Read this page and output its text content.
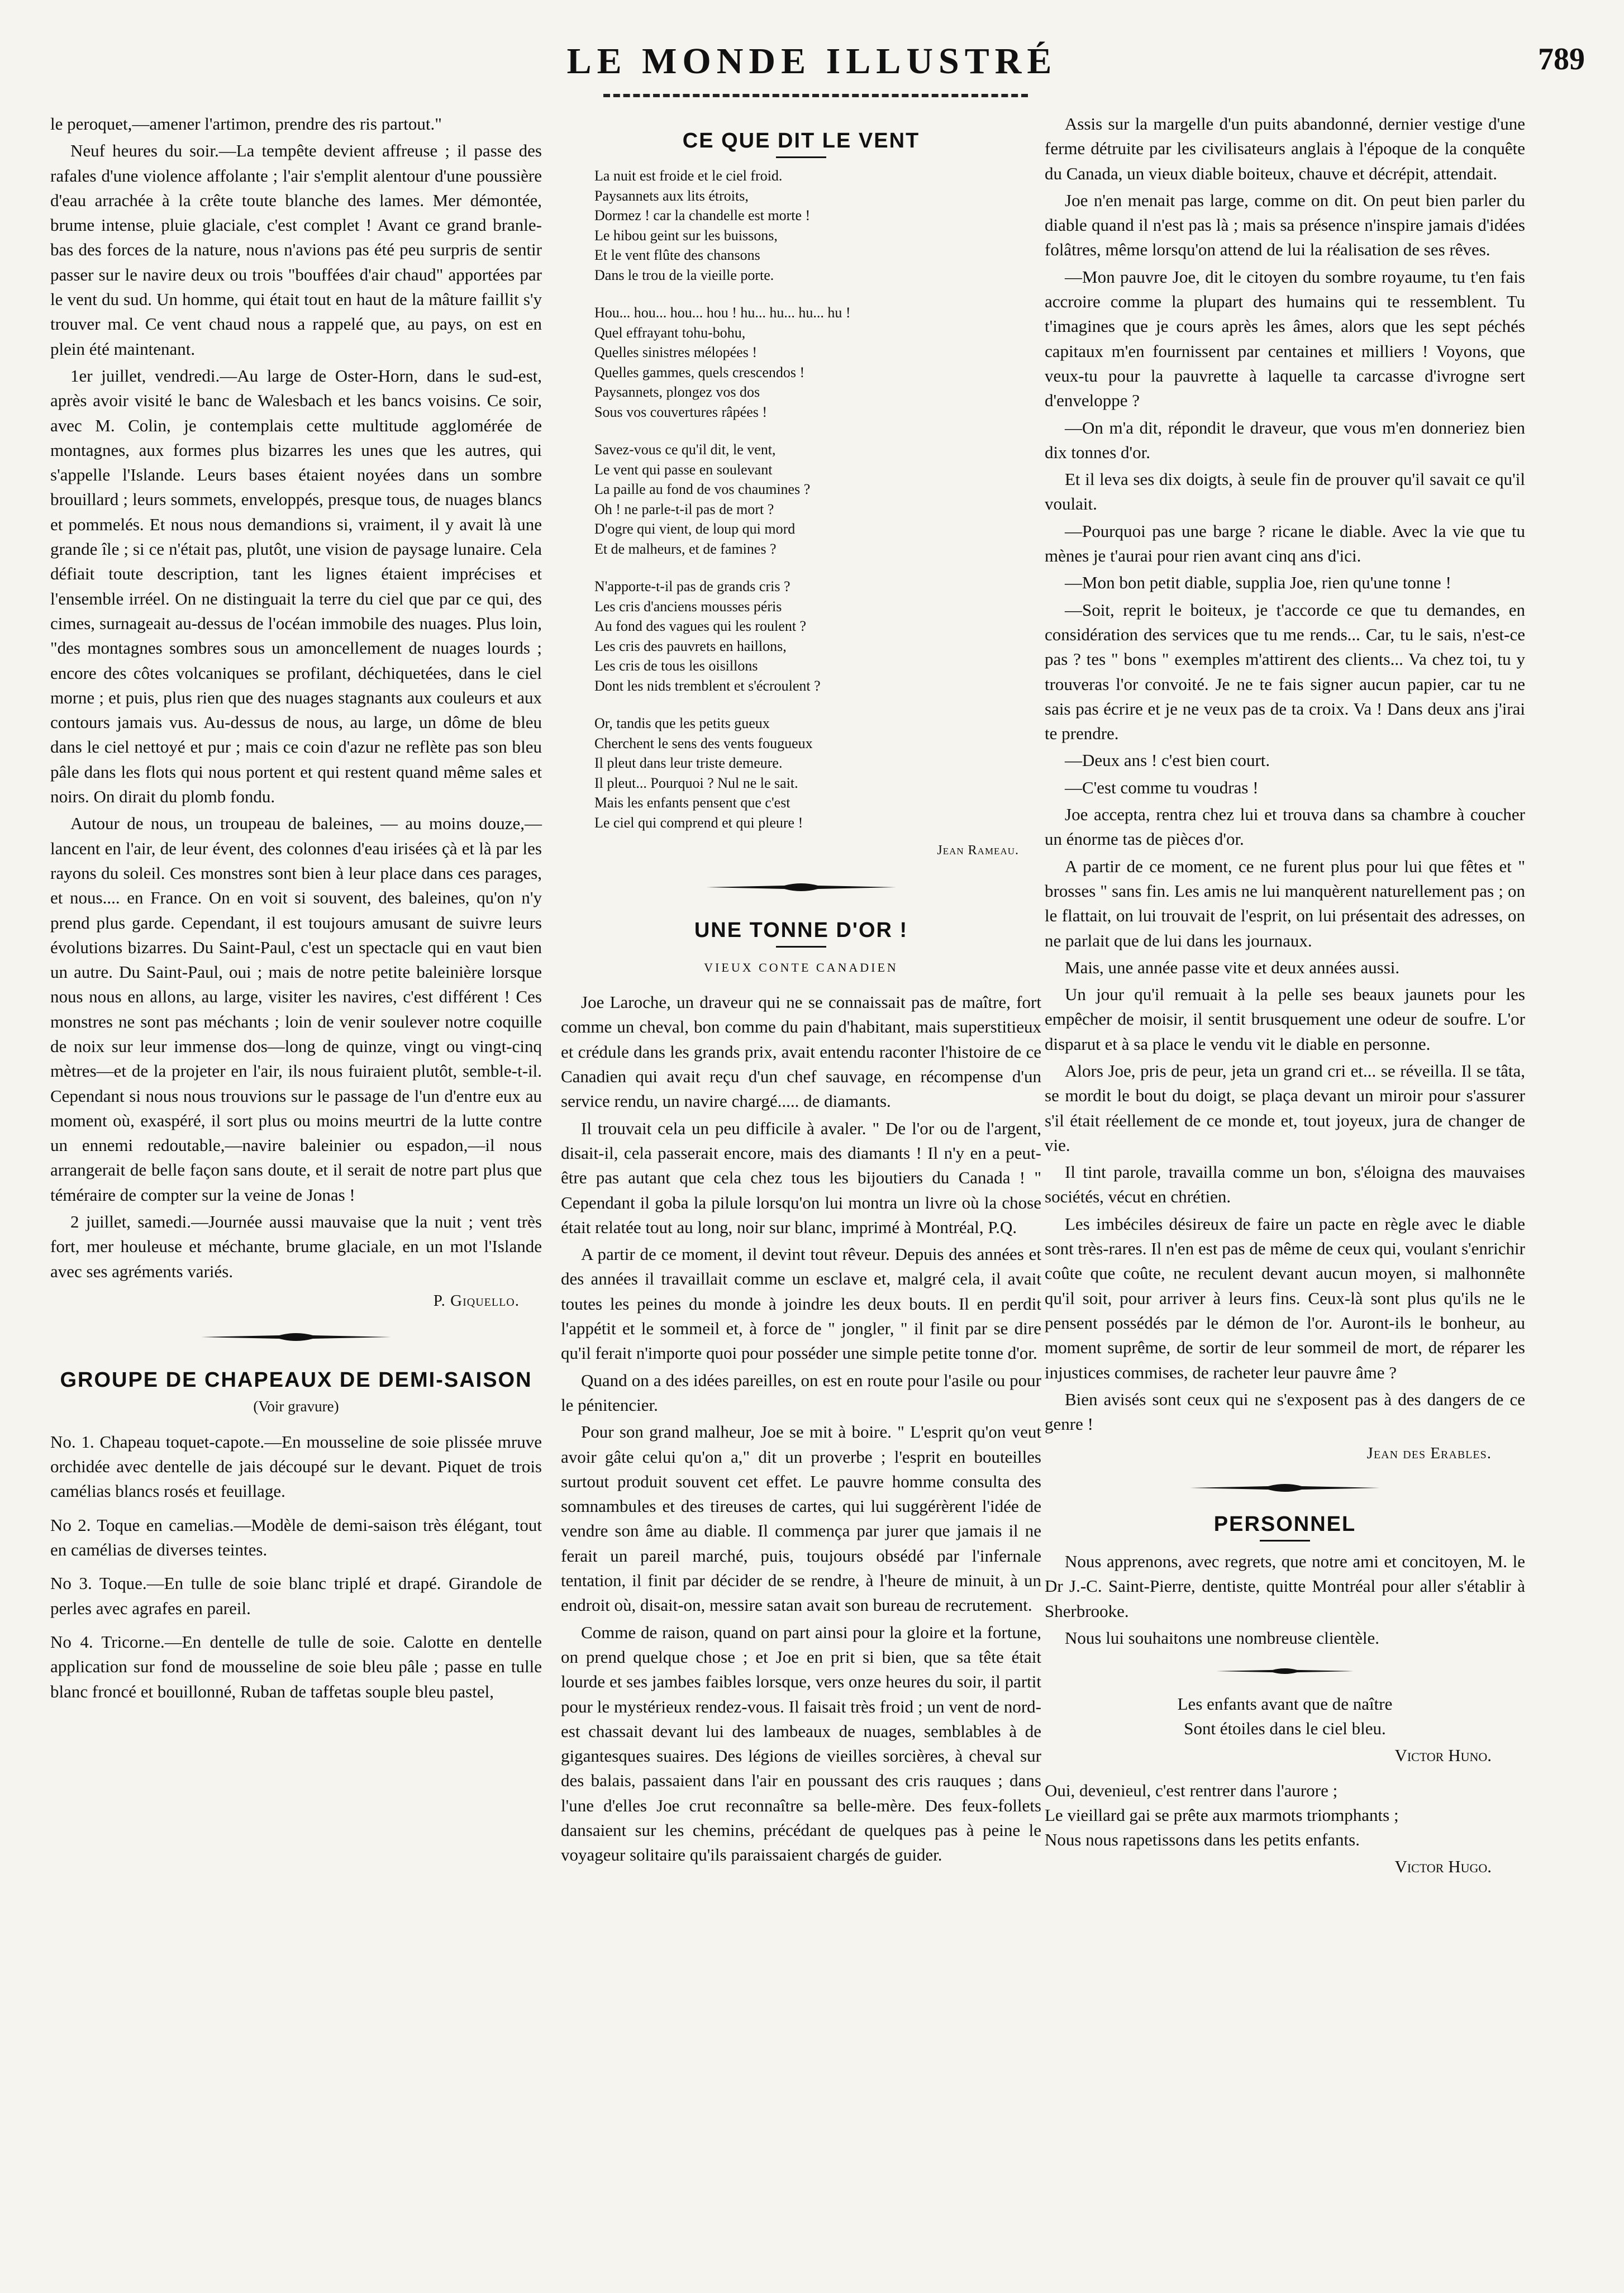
LE MONDE ILLUSTRÉ	789

le peroquet,—amener l'artimon, prendre des ris partout."

Neuf heures du soir.—La tempête devient affreuse ; il passe des rafales d'une violence affolante ; l'air s'emplit alentour d'une poussière d'eau arrachée à la crête toute blanche des lames. Mer démontée, brume intense, pluie glaciale, c'est complet ! Avant ce grand branle-bas des forces de la nature, nous n'avions pas été peu surpris de sentir passer sur le navire deux ou trois "bouffées d'air chaud" apportées par le vent du sud. Un homme, qui était tout en haut de la mâture faillit s'y trouver mal. Ce vent chaud nous a rappelé que, au pays, on est en plein été maintenant.

1er juillet, vendredi.—Au large de Oster-Horn, dans le sud-est, après avoir visité le banc de Walesbach et les bancs voisins. Ce soir, avec M. Colin, je contemplais cette multitude agglomérée de montagnes, aux formes plus bizarres les unes que les autres, qui s'appelle l'Islande. Leurs bases étaient noyées dans un sombre brouillard ; leurs sommets, enveloppés, presque tous, de nuages blancs et pommelés. Et nous nous demandions si, vraiment, il y avait là une grande île ; si ce n'était pas, plutôt, une vision de paysage lunaire. Cela défiait toute description, tant les lignes étaient imprécises et l'ensemble irréel. On ne distinguait la terre du ciel que par ce qui, des cimes, surnageait au-dessus de l'océan immobile des nuages. Plus loin, "des montagnes sombres sous un amoncellement de nuages lourds ; encore des côtes volcaniques se profilant, déchiquetées, dans le ciel morne ; et puis, plus rien que des nuages stagnants aux couleurs et aux contours jamais vus. Au-dessus de nous, au large, un dôme de bleu dans le ciel nettoyé et pur ; mais ce coin d'azur ne reflète pas son bleu pâle dans les flots qui nous portent et qui restent quand même sales et noirs. On dirait du plomb fondu.

Autour de nous, un troupeau de baleines, — au moins douze,—lancent en l'air, de leur évent, des colonnes d'eau irisées çà et là par les rayons du soleil. Ces monstres sont bien à leur place dans ces parages, et nous.... en France. On en voit si souvent, des baleines, qu'on n'y prend plus garde. Cependant, il est toujours amusant de suivre leurs évolutions bizarres. Du Saint-Paul, c'est un spectacle qui en vaut bien un autre. Du Saint-Paul, oui ; mais de notre petite baleinière lorsque nous nous en allons, au large, visiter les navires, c'est différent ! Ces monstres ne sont pas méchants ; loin de venir soulever notre coquille de noix sur leur immense dos—long de quinze, vingt ou vingt-cinq mètres—et de la projeter en l'air, ils nous fuiraient plutôt, semble-t-il. Cependant si nous nous trouvions sur le passage de l'un d'entre eux au moment où, exaspéré, il sort plus ou moins meurtri de la lutte contre un ennemi redoutable,—navire baleinier ou espadon,—il nous arrangerait de belle façon sans doute, et il serait de notre part plus que téméraire de compter sur la veine de Jonas !

2 juillet, samedi.—Journée aussi mauvaise que la nuit ; vent très fort, mer houleuse et méchante, brume glaciale, en un mot l'Islande avec ses agréments variés.

P. Giquello.
GROUPE DE CHAPEAUX DE DEMI-SAISON
(Voir gravure)

No. 1. Chapeau toquet-capote.—En mousseline de soie plissée mruve orchidée avec dentelle de jais découpé sur le devant. Piquet de trois camélias blancs rosés et feuillage.

No 2. Toque en camelias.—Modèle de demi-saison très élégant, tout en camélias de diverses teintes.

No 3. Toque.—En tulle de soie blanc triplé et drapé. Girandole de perles avec agrafes en pareil.

No 4. Tricorne.—En dentelle de tulle de soie. Calotte en dentelle application sur fond de mousseline de soie bleu pâle ; passe en tulle blanc froncé et bouillonné, Ruban de taffetas souple bleu pastel,

CE QUE DIT LE VENT
La nuit est froide et le ciel froid.
Paysannets aux lits étroits,
Dormez ! car la chandelle est morte !
Le hibou geint sur les buissons,
Et le vent flûte des chansons
Dans le trou de la vieille porte.
Hou... hou... hou... hou ! hu... hu... hu... hu !
Quel effrayant tohu-bohu,
Quelles sinistres mélopées !
Quelles gammes, quels crescendos !
Paysannets, plongez vos dos
Sous vos couvertures râpées !
Savez-vous ce qu'il dit, le vent,
Le vent qui passe en soulevant
La paille au fond de vos chaumines ?
Oh ! ne parle-t-il pas de mort ?
D'ogre qui vient, de loup qui mord
Et de malheurs, et de famines ?
N'apporte-t-il pas de grands cris ?
Les cris d'anciens mousses péris
Au fond des vagues qui les roulent ?
Les cris des pauvrets en haillons,
Les cris de tous les oisillons
Dont les nids tremblent et s'écroulent ?
Or, tandis que les petits gueux
Cherchent le sens des vents fougueux
Il pleut dans leur triste demeure.
Il pleut... Pourquoi ? Nul ne le sait.
Mais les enfants pensent que c'est
Le ciel qui comprend et qui pleure !
Jean Rameau.
UNE TONNE D'OR !
VIEUX CONTE CANADIEN

Joe Laroche, un draveur qui ne se connaissait pas de maître, fort comme un cheval, bon comme du pain d'habitant, mais superstitieux et crédule dans les grands prix, avait entendu raconter l'histoire de ce Canadien qui avait reçu d'un chef sauvage, en récompense d'un service rendu, un navire chargé..... de diamants.

Il trouvait cela un peu difficile à avaler. " De l'or ou de l'argent, disait-il, cela passerait encore, mais des diamants ! Il n'y en a peut-être pas autant que cela chez tous les bijoutiers du Canada ! " Cependant il goba la pilule lorsqu'on lui montra un livre où la chose était relatée tout au long, noir sur blanc, imprimé à Montréal, P.Q.

A partir de ce moment, il devint tout rêveur. Depuis des années et des années il travaillait comme un esclave et, malgré cela, il avait toutes les peines du monde à joindre les deux bouts. Il en perdit l'appétit et le sommeil et, à force de " jongler, " il finit par se dire qu'il ferait n'importe quoi pour posséder une simple petite tonne d'or.

Quand on a des idées pareilles, on est en route pour l'asile ou pour le pénitencier.

Pour son grand malheur, Joe se mit à boire. " L'esprit qu'on veut avoir gâte celui qu'on a," dit un proverbe ; l'esprit en bouteilles surtout produit souvent cet effet. Le pauvre homme consulta des somnambules et des tireuses de cartes, qui lui suggérèrent l'idée de vendre son âme au diable. Il commença par jurer que jamais il ne ferait un pareil marché, puis, toujours obsédé par l'infernale tentation, il finit par décider de se rendre, à l'heure de minuit, à un endroit où, disait-on, messire satan avait son bureau de recrutement.

Comme de raison, quand on part ainsi pour la gloire et la fortune, on prend quelque chose ; et Joe en prit si bien, que sa tête était lourde et ses jambes faibles lorsque, vers onze heures du soir, il partit pour le mystérieux rendez-vous. Il faisait très froid ; un vent de nord-est chassait devant lui des lambeaux de nuages, semblables à de gigantesques suaires. Des légions de vieilles sorcières, à cheval sur des balais, passaient dans l'air en poussant des cris rauques ; dans l'une d'elles Joe crut reconnaître sa belle-mère. Des feux-follets dansaient sur les chemins, précédant de quelques pas à peine le voyageur solitaire qu'ils paraissaient chargés de guider.

Assis sur la margelle d'un puits abandonné, dernier vestige d'une ferme détruite par les civilisateurs anglais à l'époque de la conquête du Canada, un vieux diable boiteux, chauve et décrépit, attendait.

Joe n'en menait pas large, comme on dit. On peut bien parler du diable quand il n'est pas là ; mais sa présence n'inspire jamais d'idées folâtres, même lorsqu'on attend de lui la réalisation de ses rêves.

—Mon pauvre Joe, dit le citoyen du sombre royaume, tu t'en fais accroire comme la plupart des humains qui te ressemblent. Tu t'imagines que je cours après les âmes, alors que les sept péchés capitaux m'en fournissent par centaines et milliers ! Voyons, que veux-tu pour la pauvrette à laquelle ta carcasse d'ivrogne sert d'enveloppe ?

—On m'a dit, répondit le draveur, que vous m'en donneriez bien dix tonnes d'or.

Et il leva ses dix doigts, à seule fin de prouver qu'il savait ce qu'il voulait.

—Pourquoi pas une barge ? ricane le diable. Avec la vie que tu mènes je t'aurai pour rien avant cinq ans d'ici.

—Mon bon petit diable, supplia Joe, rien qu'une tonne !

—Soit, reprit le boiteux, je t'accorde ce que tu demandes, en considération des services que tu me rends... Car, tu le sais, n'est-ce pas ? tes " bons " exemples m'attirent des clients... Va chez toi, tu y trouveras l'or convoité. Je ne te fais signer aucun papier, car tu ne sais pas écrire et je ne veux pas de ta croix. Va ! Dans deux ans j'irai te prendre.

—Deux ans ! c'est bien court.

—C'est comme tu voudras !

Joe accepta, rentra chez lui et trouva dans sa chambre à coucher un énorme tas de pièces d'or.

A partir de ce moment, ce ne furent plus pour lui que fêtes et " brosses " sans fin. Les amis ne lui manquèrent naturellement pas ; on le flattait, on lui trouvait de l'esprit, on lui présentait des adresses, on ne parlait que de lui dans les journaux.

Mais, une année passe vite et deux années aussi.

Un jour qu'il remuait à la pelle ses beaux jaunets pour les empêcher de moisir, il sentit brusquement une odeur de soufre. L'or disparut et à sa place le vendu vit le diable en personne.

Alors Joe, pris de peur, jeta un grand cri et... se réveilla. Il se tâta, se mordit le bout du doigt, se plaça devant un miroir pour s'assurer s'il était réellement de ce monde et, tout joyeux, jura de changer de vie.

Il tint parole, travailla comme un bon, s'éloigna des mauvaises sociétés, vécut en chrétien.

Les imbéciles désireux de faire un pacte en règle avec le diable sont très-rares. Il n'en est pas de même de ceux qui, voulant s'enrichir coûte que coûte, ne reculent devant aucun moyen, si malhonnête qu'il soit, pour arriver à leurs fins. Ceux-là sont plus qu'ils ne le pensent possédés par le démon de l'or. Auront-ils le bonheur, au moment suprême, de sortir de leur sommeil de mort, de réparer les injustices commises, de racheter leur pauvre âme ?

Bien avisés sont ceux qui ne s'exposent pas à des dangers de ce genre !

Jean des Erables.
PERSONNEL

Nous apprenons, avec regrets, que notre ami et concitoyen, M. le Dr J.-C. Saint-Pierre, dentiste, quitte Montréal pour aller s'établir à Sherbrooke.

Nous lui souhaitons une nombreuse clientèle.

Les enfants avant que de naître
Sont étoiles dans le ciel bleu.
Victor Huno.
Oui, devenieul, c'est rentrer dans l'aurore ;
Le vieillard gai se prête aux marmots triomphants ;
Nous nous rapetissons dans les petits enfants.
Victor Hugo.
